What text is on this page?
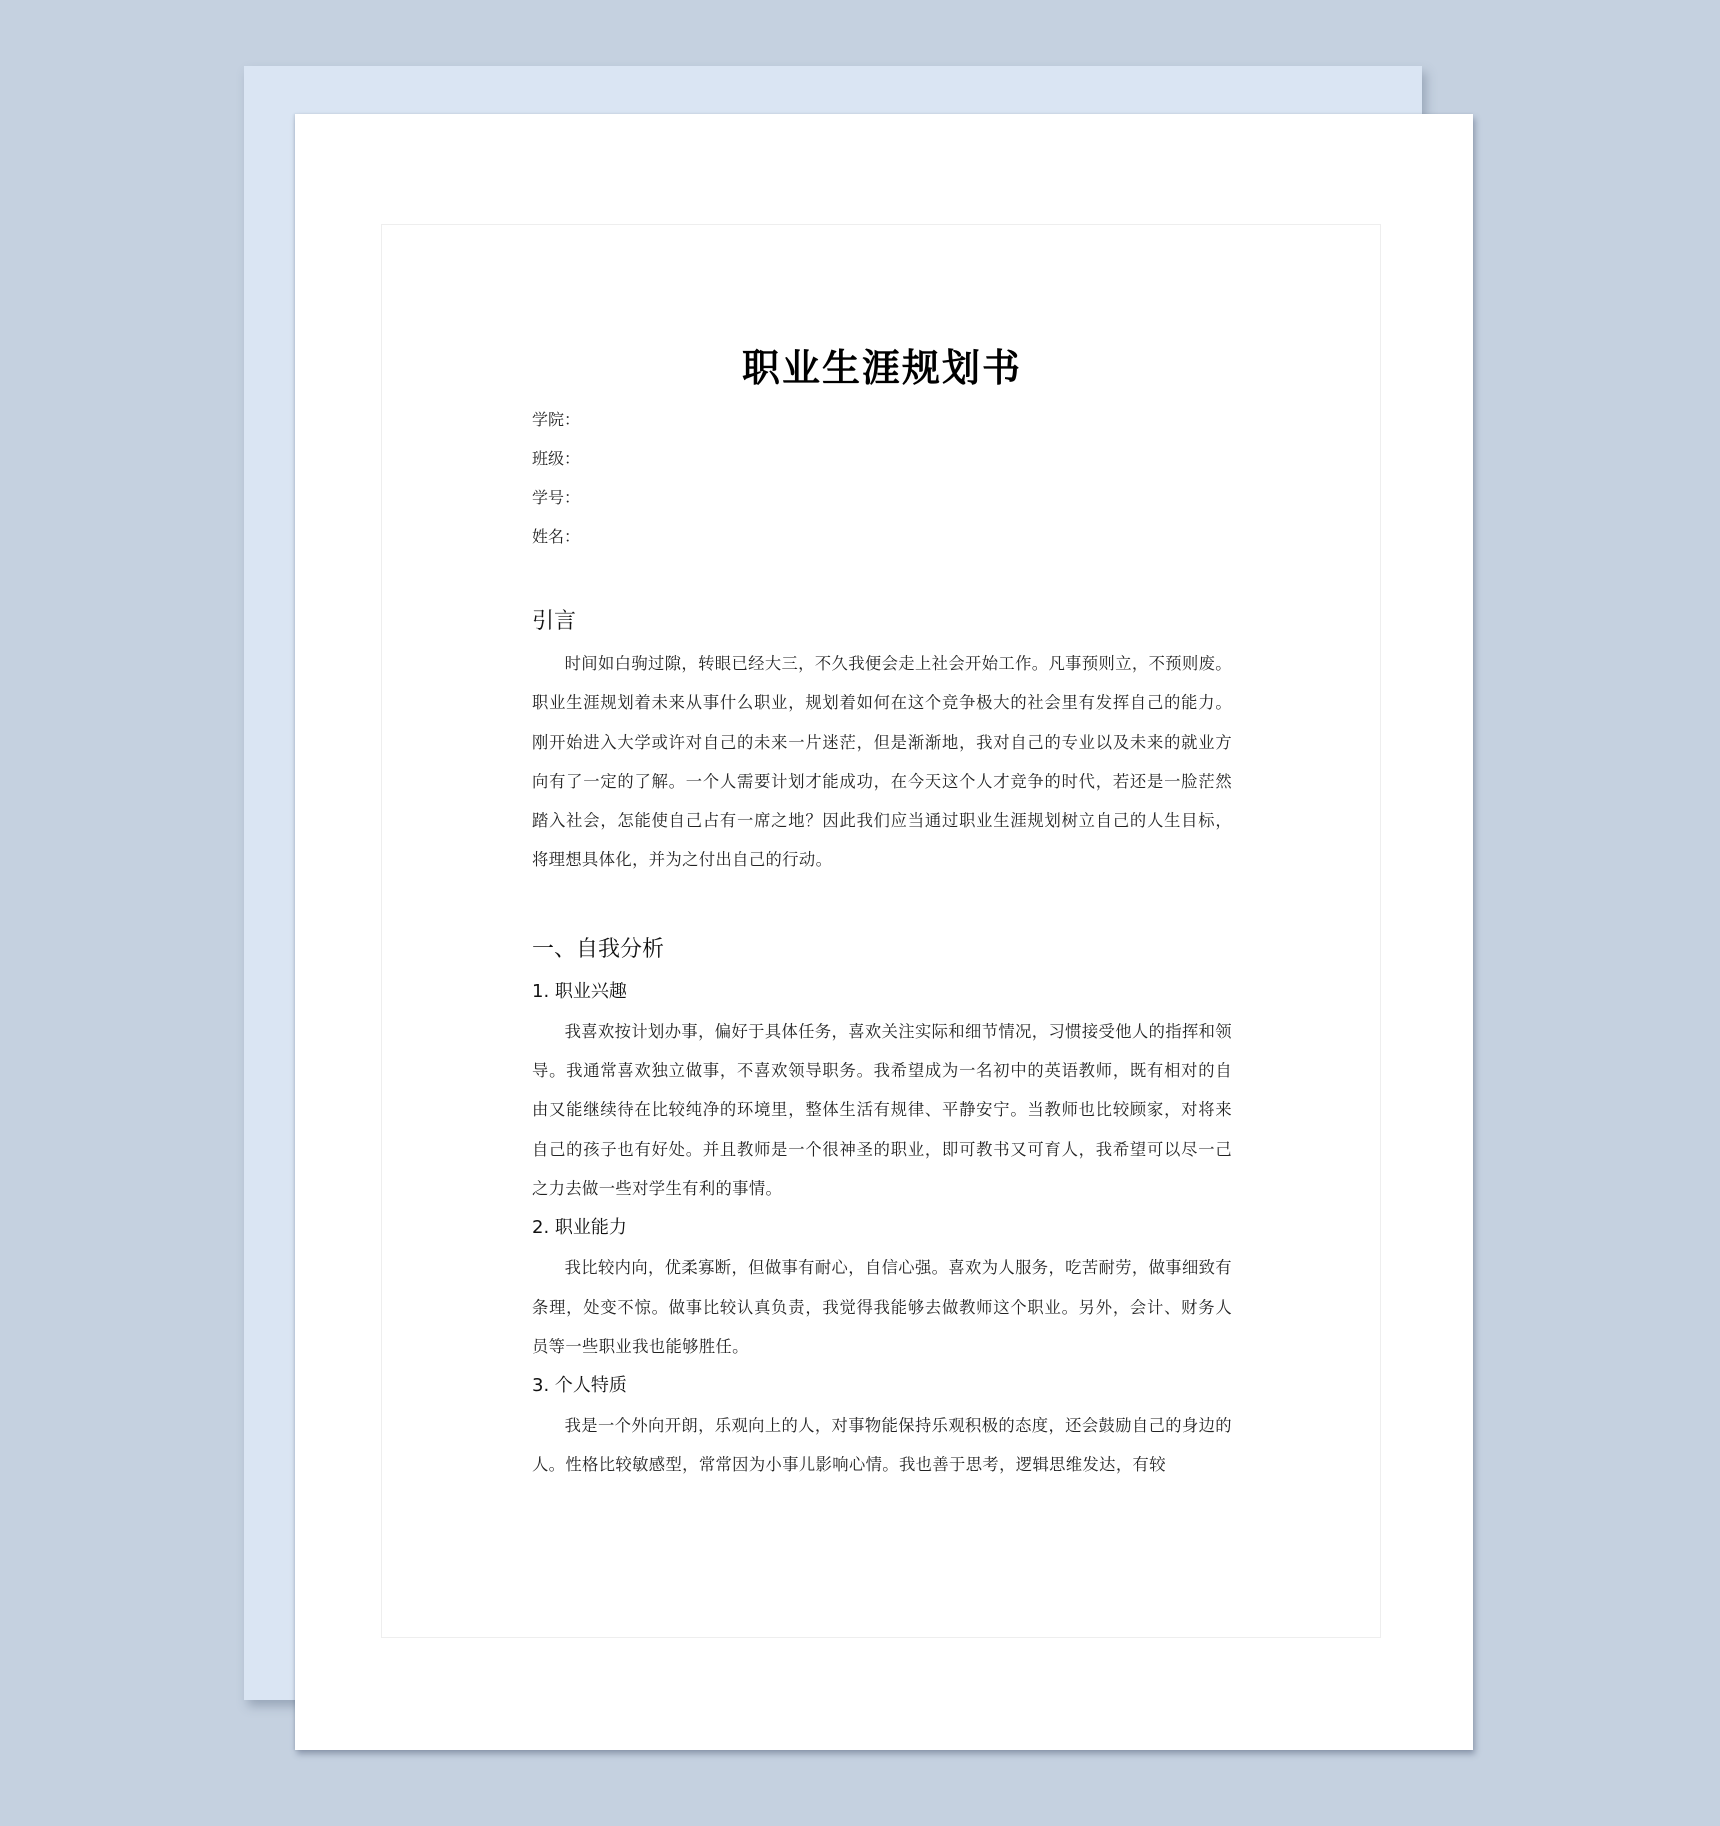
职业生涯规划书
学院：
班级：
学号：
姓名：
引言

时间如白驹过隙，转眼已经大三，不久我便会走上社会开始工作。凡事预则立，不预则废。职业生涯规划着未来从事什么职业，规划着如何在这个竞争极大的社会里有发挥自己的能力。刚开始进入大学或许对自己的未来一片迷茫，但是渐渐地，我对自己的专业以及未来的就业方向有了一定的了解。一个人需要计划才能成功，在今天这个人才竞争的时代，若还是一脸茫然踏入社会，怎能使自己占有一席之地？因此我们应当通过职业生涯规划树立自己的人生目标，将理想具体化，并为之付出自己的行动。

一、自我分析
1. 职业兴趣

我喜欢按计划办事，偏好于具体任务，喜欢关注实际和细节情况，习惯接受他人的指挥和领导。我通常喜欢独立做事，不喜欢领导职务。我希望成为一名初中的英语教师，既有相对的自由又能继续待在比较纯净的环境里，整体生活有规律、平静安宁。当教师也比较顾家，对将来自己的孩子也有好处。并且教师是一个很神圣的职业，即可教书又可育人，我希望可以尽一己之力去做一些对学生有利的事情。

2. 职业能力

我比较内向，优柔寡断，但做事有耐心，自信心强。喜欢为人服务，吃苦耐劳，做事细致有条理，处变不惊。做事比较认真负责，我觉得我能够去做教师这个职业。另外，会计、财务人员等一些职业我也能够胜任。

3. 个人特质

我是一个外向开朗，乐观向上的人，对事物能保持乐观积极的态度，还会鼓励自己的身边的人。性格比较敏感型，常常因为小事儿影响心情。我也善于思考，逻辑思维发达，有较
